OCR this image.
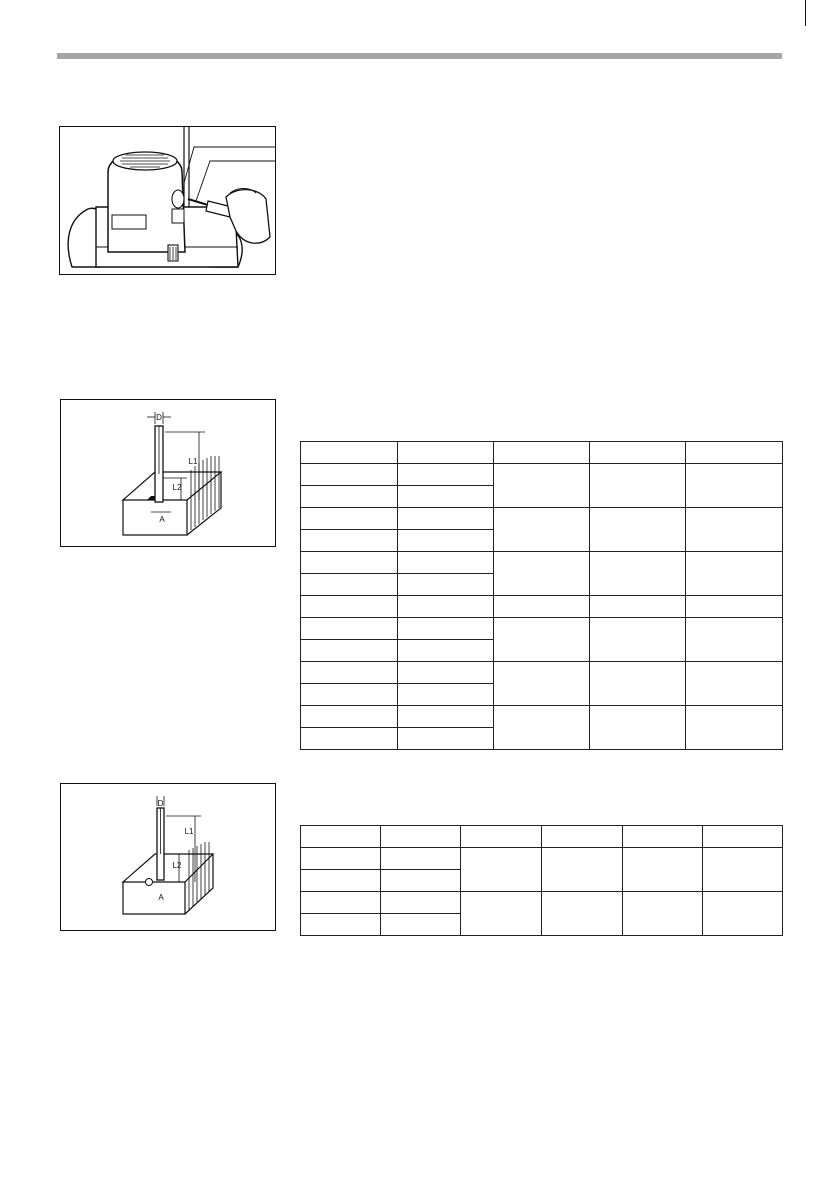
D
L1
L2
A

D
L1
L2
A
